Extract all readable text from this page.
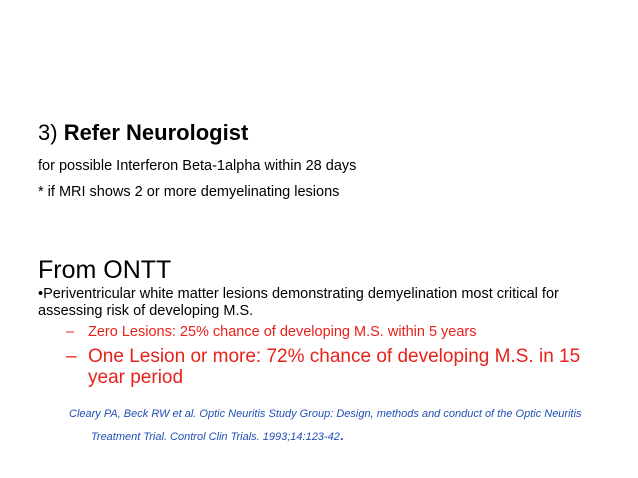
3) Refer Neurologist
for possible Interferon Beta-1alpha within 28 days
* if MRI shows 2 or more demyelinating lesions
From ONTT
•Periventricular white matter lesions demonstrating demyelination most critical for assessing risk of developing M.S.
– Zero Lesions: 25% chance of developing M.S. within 5 years
– One Lesion or more: 72% chance of developing M.S. in 15 year period
Cleary PA, Beck RW et al. Optic Neuritis Study Group: Design, methods and conduct of the Optic Neuritis
Treatment Trial. Control Clin Trials. 1993;14:123-42.
